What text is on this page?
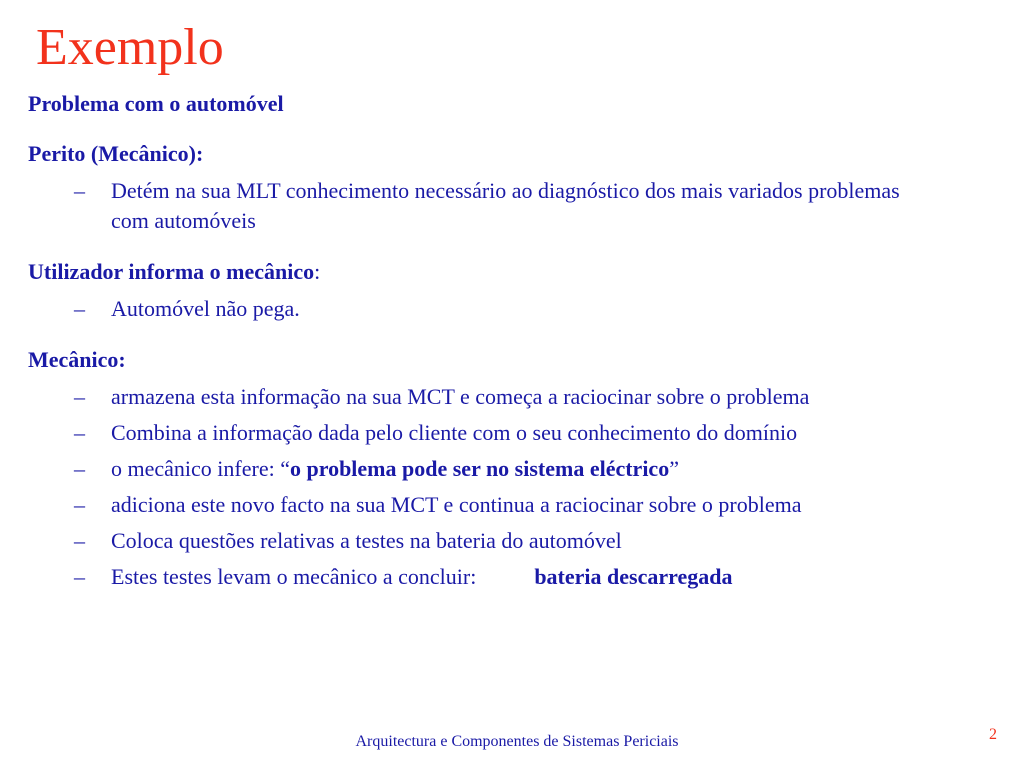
Exemplo
Problema com o automóvel
Perito (Mecânico):
– Detém na sua MLT conhecimento necessário ao diagnóstico dos mais variados problemas com automóveis
Utilizador informa o mecânico:
– Automóvel não pega.
Mecânico:
– armazena esta informação na sua MCT e começa a raciocinar sobre o problema
– Combina a informação dada pelo cliente com o seu conhecimento do domínio
– o mecânico infere: “o problema pode ser no sistema eléctrico”
– adiciona este novo facto na sua MCT e continua a raciocinar sobre o problema
– Coloca questões relativas a testes na bateria do automóvel
– Estes testes levam o mecânico a concluir:	bateria descarregada
Arquitectura e Componentes de Sistemas Periciais	2
